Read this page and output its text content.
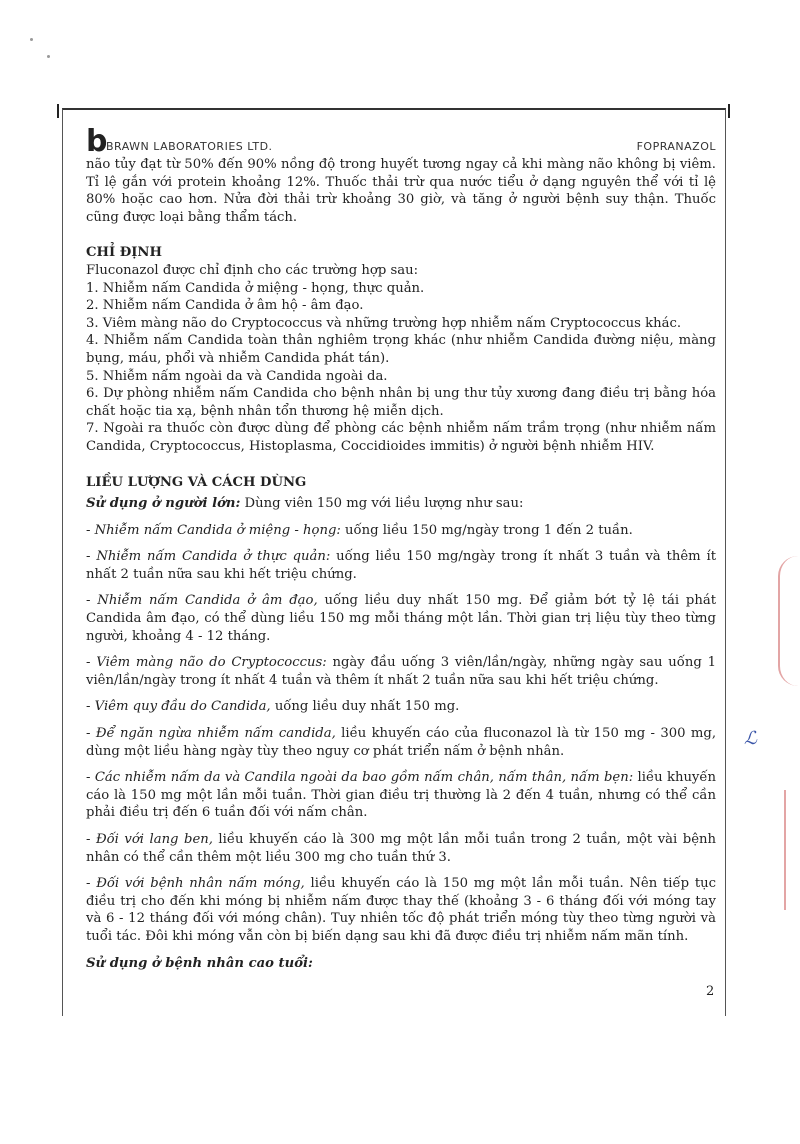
b
BRAWN LABORATORIES LTD.	FOPRANAZOL

não tủy đạt từ 50% đến 90% nồng độ trong huyết tương ngay cả khi màng não không bị viêm. Tỉ lệ gắn với protein khoảng 12%. Thuốc thải trừ qua nước tiểu ở dạng nguyên thể với tỉ lệ 80% hoặc cao hơn. Nửa đời thải trừ khoảng 30 giờ, và tăng ở người bệnh suy thận. Thuốc cũng được loại bằng thẩm tách.

CHỈ ĐỊNH

Fluconazol được chỉ định cho các trường hợp sau:

1. Nhiễm nấm Candida ở miệng - họng, thực quản.

2. Nhiễm nấm Candida ở âm hộ - âm đạo.

3. Viêm màng não do Cryptococcus và những trường hợp nhiễm nấm Cryptococcus khác.

4. Nhiễm nấm Candida toàn thân nghiêm trọng khác (như nhiễm Candida đường niệu, màng bụng, máu, phổi và nhiễm Candida phát tán).

5. Nhiễm nấm ngoài da và Candida ngoài da.

6. Dự phòng nhiễm nấm Candida cho bệnh nhân bị ung thư tủy xương đang điều trị bằng hóa chất hoặc tia xạ, bệnh nhân tổn thương hệ miễn dịch.

7. Ngoài ra thuốc còn được dùng để phòng các bệnh nhiễm nấm trầm trọng (như nhiễm nấm Candida, Cryptococcus, Histoplasma, Coccidioides immitis) ở người bệnh nhiễm HIV.

LIỀU LƯỢNG VÀ CÁCH DÙNG

Sử dụng ở người lớn: Dùng viên 150 mg với liều lượng như sau:

- Nhiễm nấm Candida ở miệng - họng: uống liều 150 mg/ngày trong 1 đến 2 tuần.

- Nhiễm nấm Candida ở thực quản: uống liều 150 mg/ngày trong ít nhất 3 tuần và thêm ít nhất 2 tuần nữa sau khi hết triệu chứng.

- Nhiễm nấm Candida ở âm đạo, uống liều duy nhất 150 mg. Để giảm bớt tỷ lệ tái phát Candida âm đạo, có thể dùng liều 150 mg mỗi tháng một lần. Thời gian trị liệu tùy theo từng người, khoảng 4 - 12 tháng.

- Viêm màng não do Cryptococcus: ngày đầu uống 3 viên/lần/ngày, những ngày sau uống 1 viên/lần/ngày trong ít nhất 4 tuần và thêm ít nhất 2 tuần nữa sau khi hết triệu chứng.

- Viêm quy đầu do Candida, uống liều duy nhất 150 mg.

- Để ngăn ngừa nhiễm nấm candida, liều khuyến cáo của fluconazol là từ 150 mg - 300 mg, dùng một liều hàng ngày tùy theo nguy cơ phát triển nấm ở bệnh nhân.

- Các nhiễm nấm da và Candila ngoài da bao gồm nấm chân, nấm thân, nấm bẹn: liều khuyến cáo là 150 mg một lần mỗi tuần. Thời gian điều trị thường là 2 đến 4 tuần, nhưng có thể cần phải điều trị đến 6 tuần đối với nấm chân.

- Đối với lang ben, liều khuyến cáo là 300 mg một lần mỗi tuần trong 2 tuần, một vài bệnh nhân có thể cần thêm một liều 300 mg cho tuần thứ 3.

- Đối với bệnh nhân nấm móng, liều khuyến cáo là 150 mg một lần mỗi tuần. Nên tiếp tục điều trị cho đến khi móng bị nhiễm nấm được thay thế (khoảng 3 - 6 tháng đối với móng tay và 6 - 12 tháng đối với móng chân). Tuy nhiên tốc độ phát triển móng tùy theo từng người và tuổi tác. Đôi khi móng vẫn còn bị biến dạng sau khi đã được điều trị nhiễm nấm mãn tính.

Sử dụng ở bệnh nhân cao tuổi:

2
ℒ
